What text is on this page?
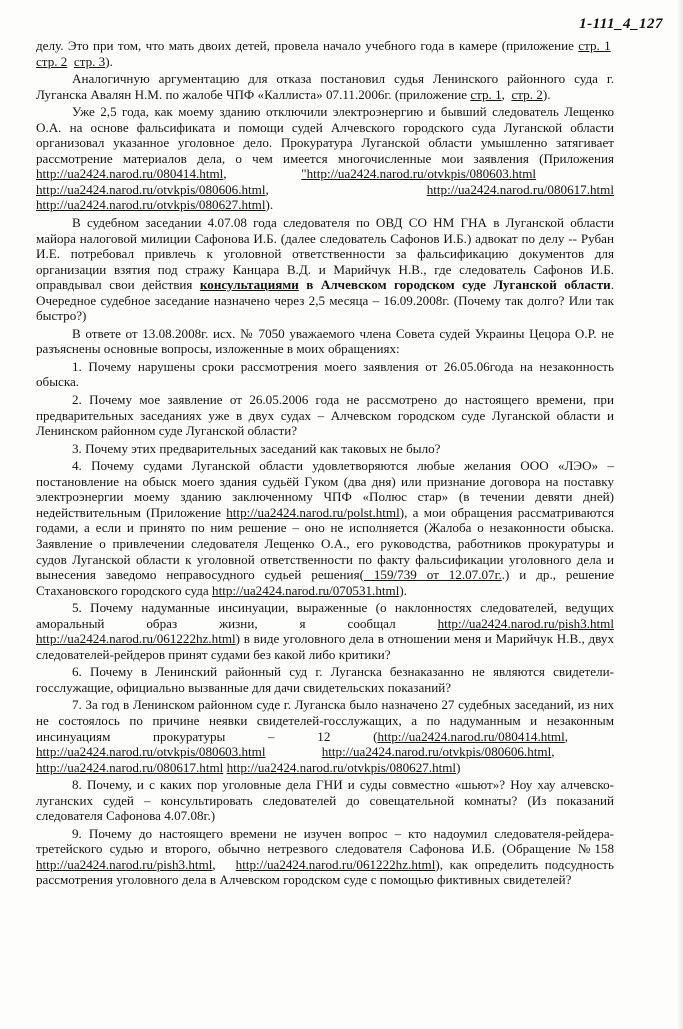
1-111_4_127

делу. Это при том, что мать двоих детей, провела начало учебного года в камере (приложение стр. 1  стр. 2 стр. 3).

Аналогичную аргументацию для отказа постановил судья Ленинского районного суда г. Луганска Авалян Н.М. по жалобе ЧПФ «Каллиста» 07.11.2006г. (приложение стр. 1,  стр. 2).

Уже 2,5 года, как моему зданию отключили электроэнергию и бывший следователь Лещенко О.А. на основе фальсификата и помощи судей Алчевского городского суда Луганской области организовал указанное уголовное дело. Прокуратура Луганской области умышленно затягивает рассмотрение материалов дела, о чем имеется многочисленные мои заявления (Приложения http://ua2424.narod.ru/080414.html, "http://ua2424.narod.ru/otvkpis/080603.html   http://ua2424.narod.ru/otvkpis/080606.html, http://ua2424.narod.ru/080617.html http://ua2424.narod.ru/otvkpis/080627.html).

В судебном заседании 4.07.08 года следователя по ОВД СО НМ ГНА в Луганской области майора налоговой милиции Сафонова И.Б. (далее следователь Сафонов И.Б.) адвокат по делу -- Рубан И.Е. потребовал привлечь к уголовной ответственности за фальсификацию документов для организации взятия под стражу Канцара В.Д. и Марийчук Н.В., где следователь Сафонов И.Б. оправдывал свои действия консультациями в Алчевском городском суде Луганской области. Очередное судебное заседание назначено через 2,5 месяца – 16.09.2008г. (Почему так долго? Или так быстро?)

В ответе от 13.08.2008г. исх. № 7050 уважаемого члена Совета судей Украины Цецора О.Р. не разъяснены основные вопросы, изложенные в моих обращениях:

1. Почему нарушены сроки рассмотрения моего заявления от 26.05.06года на незаконность обыска.

2. Почему мое заявление от 26.05.2006 года не рассмотрено до настоящего времени, при предварительных заседаниях уже в двух судах – Алчевском городском суде Луганской области и Ленинском районном суде Луганской области?

3. Почему этих предварительных заседаний как таковых не было?

4. Почему судами Луганской области удовлетворяются любые желания ООО «ЛЭО» – постановление на обыск моего здания судьёй Гуком (два дня) или признание договора на поставку электроэнергии моему зданию заключенному ЧПФ «Полюс стар» (в течении девяти дней) недействительным (Приложение http://ua2424.narod.ru/polst.html), а мои обращения рассматриваются годами, а если и принято по ним решение – оно не исполняется (Жалоба о незаконности обыска. Заявление о привлечении следователя Лещенко О.А., его руководства, работников прокуратуры и судов Луганской области к уголовной ответственности по факту фальсификации уголовного дела и вынесения заведомо неправосудного судьей решения( 159/739 от 12.07.07г..) и др., решение Стахановского городского суда http://ua2424.narod.ru/070531.html).

5. Почему надуманные инсинуации, выраженные (о наклонностях следователей, ведущих аморальный образ жизни, я сообщал http://ua2424.narod.ru/pish3.html http://ua2424.narod.ru/061222hz.html) в виде уголовного дела в отношении меня и Марийчук Н.В., двух следователей-рейдеров принят судами без какой либо критики?

6. Почему в Ленинский районный суд г. Луганска безнаказанно не являются свидетели-госслужащие, официально вызванные для дачи свидетельских показаний?

7. За год в Ленинском районном суде г. Луганска было назначено 27 судебных заседаний, из них не состоялось по причине неявки свидетелей-госслужащих, а по надуманным и незаконным инсинуациям прокуратуры – 12 (http://ua2424.narod.ru/080414.html,   http://ua2424.narod.ru/otvkpis/080603.html	http://ua2424.narod.ru/otvkpis/080606.html,   http://ua2424.narod.ru/080617.html http://ua2424.narod.ru/otvkpis/080627.html)

8. Почему, и с каких пор уголовные дела ГНИ и суды совместно «шьют»? Ноу хау алчевско-луганских судей – консультировать следователей до совещательной комнаты? (Из показаний следователя Сафонова 4.07.08г.)

9. Почему до настоящего времени не изучен вопрос – кто надоумил следователя-рейдера-третейского судью и второго, обычно нетрезвого следователя Сафонова И.Б. (Обращение №158 http://ua2424.narod.ru/pish3.html,   http://ua2424.narod.ru/061222hz.html), как определить подсудность рассмотрения уголовного дела в Алчевском городском суде с помощью фиктивных свидетелей?
